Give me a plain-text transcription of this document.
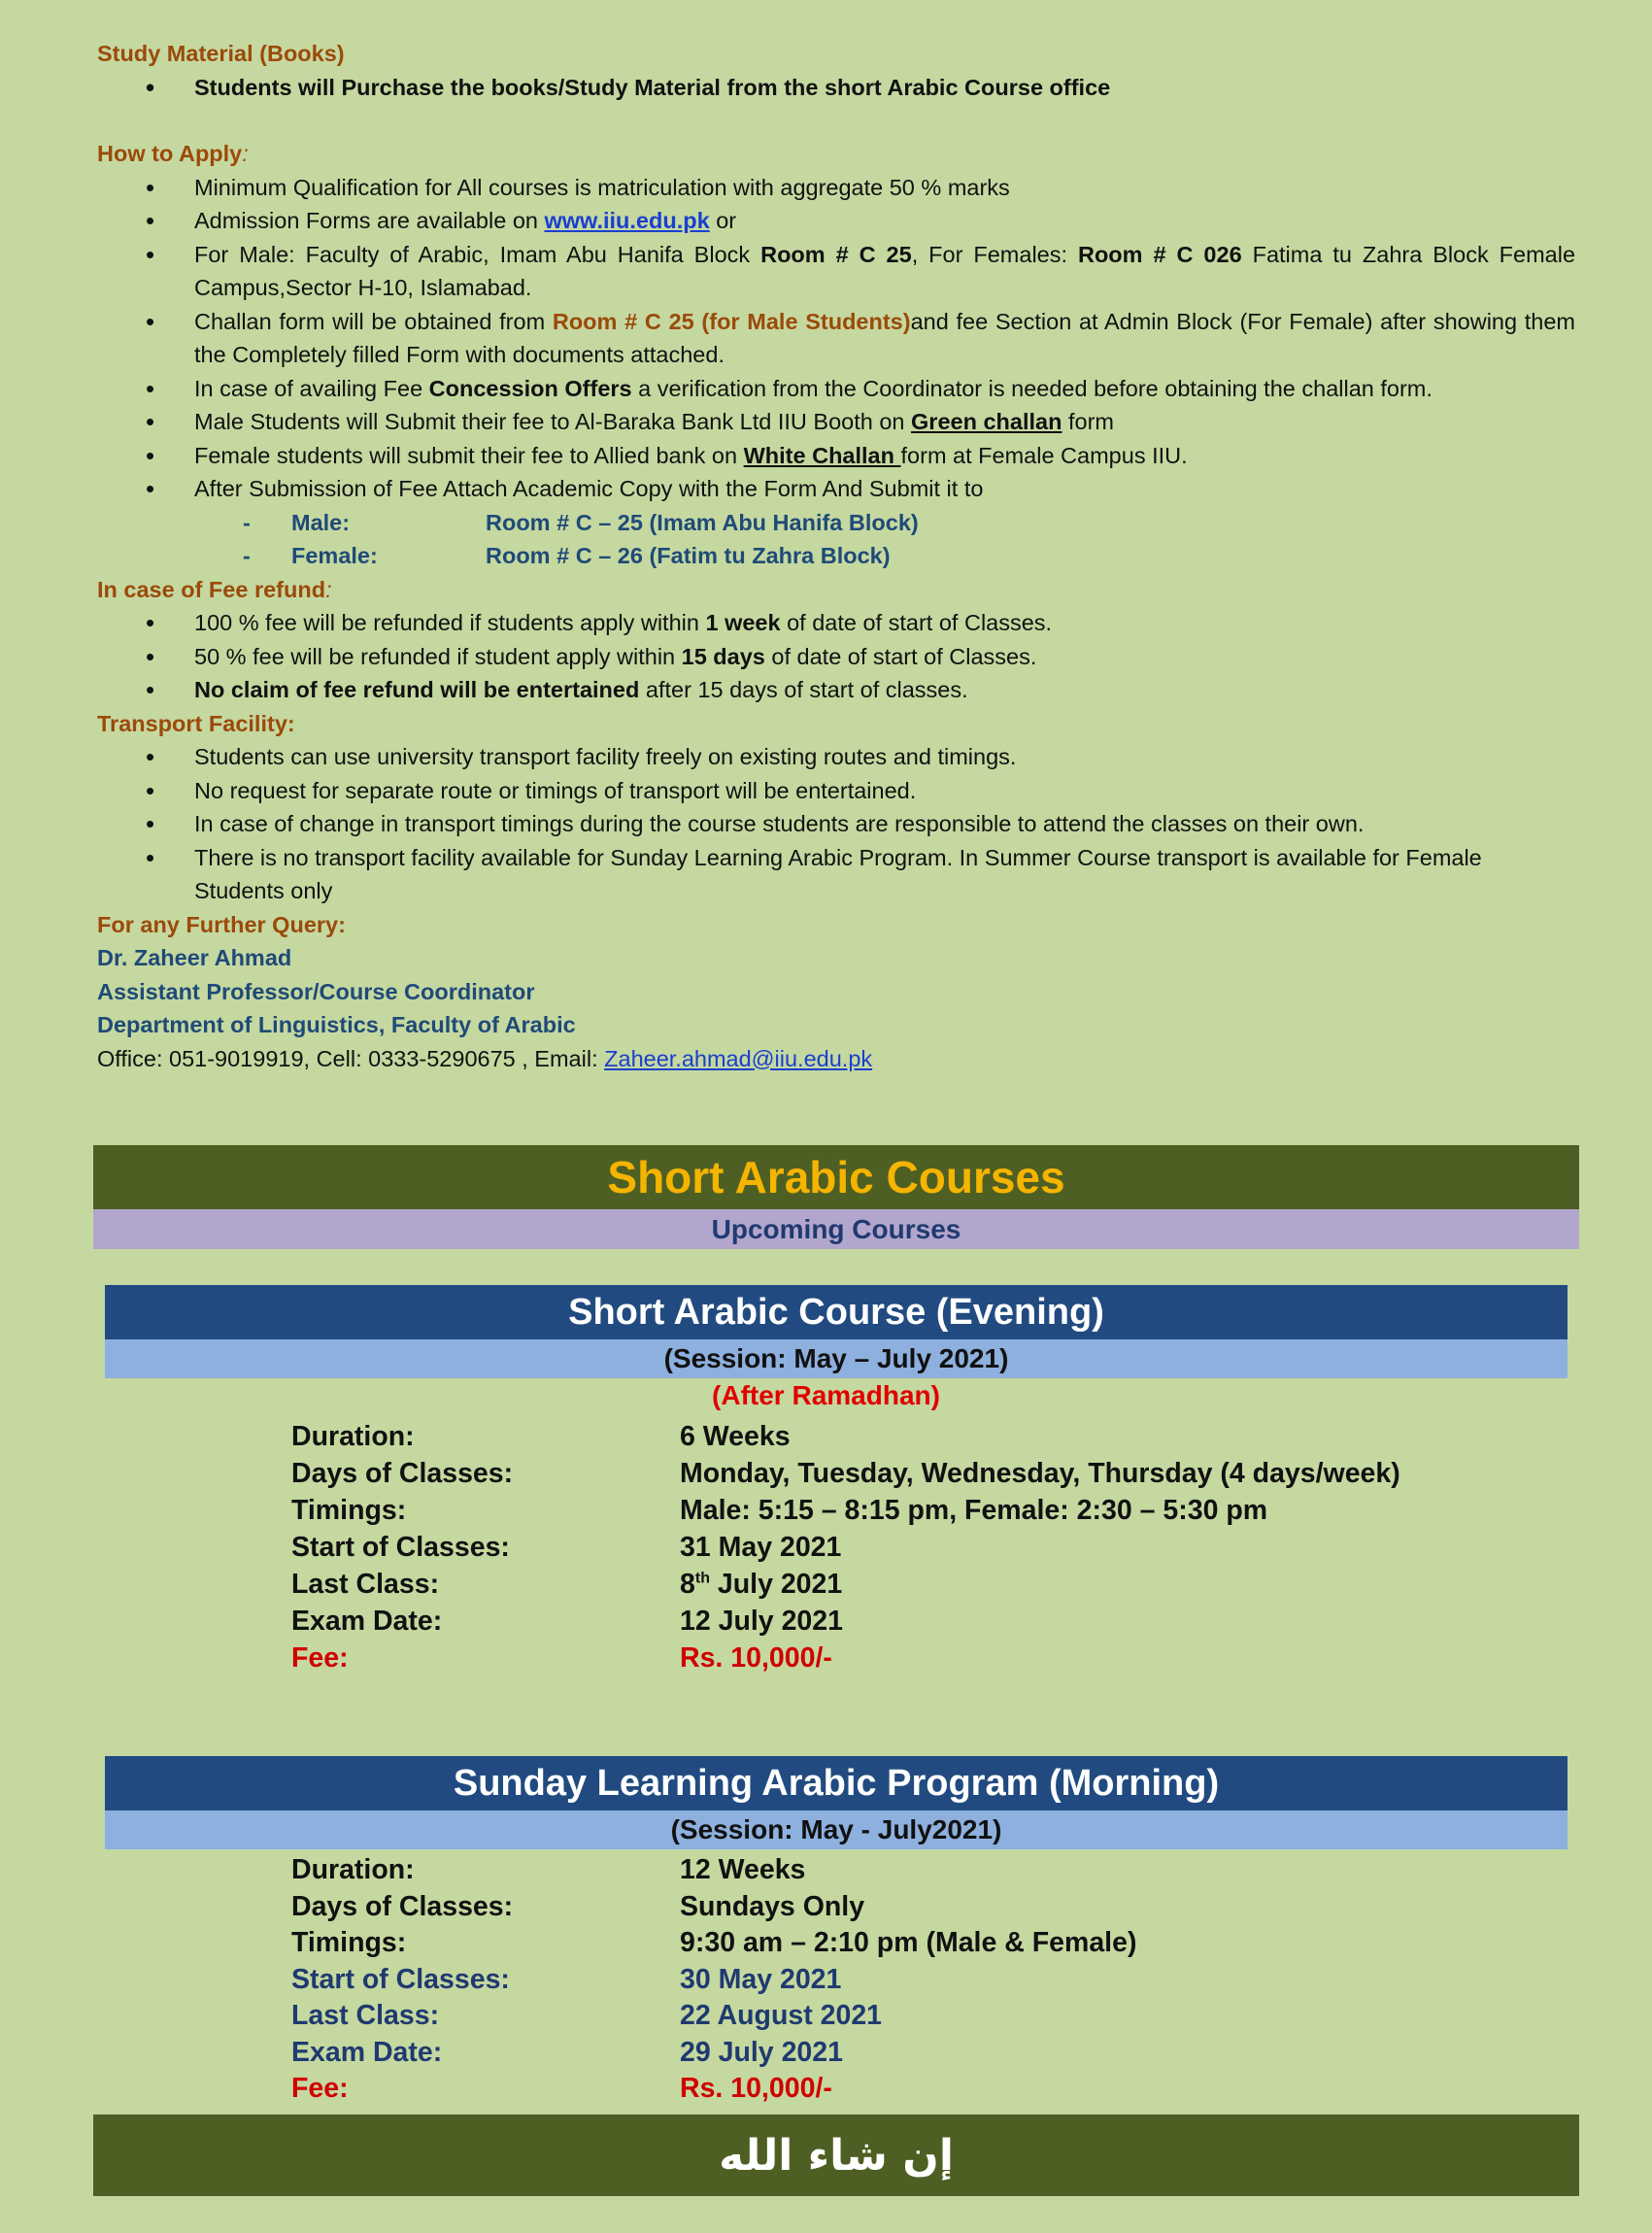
Study Material (Books)
• Students will Purchase the books/Study Material from the short Arabic Course office
How to Apply:
• Minimum Qualification for All courses is matriculation with aggregate 50 % marks
• Admission Forms are available on www.iiu.edu.pk or
• For Male: Faculty of Arabic, Imam Abu Hanifa Block Room # C 25, For Females: Room # C 026 Fatima tu Zahra Block Female Campus,Sector H-10, Islamabad.
• Challan form will be obtained from Room # C 25 (for Male Students)and fee Section at Admin Block (For Female) after showing them the Completely filled Form with documents attached.
• In case of availing Fee Concession Offers a verification from the Coordinator is needed before obtaining the challan form.
• Male Students will Submit their fee to Al-Baraka Bank Ltd IIU Booth on Green challan form
• Female students will submit their fee to Allied bank on White Challan form at Female Campus IIU.
• After Submission of Fee Attach Academic Copy with the Form And Submit it to
- Male:	Room # C – 25 (Imam Abu Hanifa Block)
- Female:	Room # C – 26 (Fatim tu Zahra Block)
In case of Fee refund:
• 100 % fee will be refunded if students apply within 1 week of date of start of Classes.
• 50 % fee will be refunded if student apply within 15 days of date of start of Classes.
• No claim of fee refund will be entertained after 15 days of start of classes.
Transport Facility:
• Students can use university transport facility freely on existing routes and timings.
• No request for separate route or timings of transport will be entertained.
• In case of change in transport timings during the course students are responsible to attend the classes on their own.
• There is no transport facility available for Sunday Learning Arabic Program. In Summer Course transport is available for Female Students only
For any Further Query:
Dr. Zaheer Ahmad
Assistant Professor/Course Coordinator
Department of Linguistics, Faculty of Arabic
Office: 051-9019919, Cell: 0333-5290675 , Email: Zaheer.ahmad@iiu.edu.pk
Short Arabic Courses
Upcoming Courses
Short Arabic Course (Evening)
(Session: May – July 2021)
(After Ramadhan)
Duration:	6 Weeks
Days of Classes:	Monday, Tuesday, Wednesday, Thursday (4 days/week)
Timings:	Male: 5:15 – 8:15 pm, Female: 2:30 – 5:30 pm
Start of Classes:	31 May 2021
Last Class:	8th July 2021
Exam Date:	12 July 2021
Fee:	Rs. 10,000/-
Sunday Learning Arabic Program (Morning)
(Session: May - July2021)
Duration:	12 Weeks
Days of Classes:	Sundays Only
Timings:	9:30 am – 2:10 pm (Male & Female)
Start of Classes:	30 May 2021
Last Class:	22 August 2021
Exam Date:	29 July 2021
Fee:	Rs. 10,000/-
إن شاء الله
